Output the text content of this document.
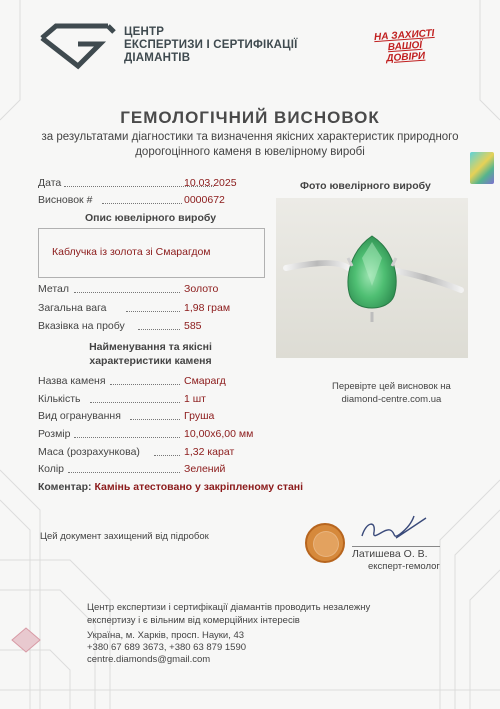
ЦЕНТР
ЕКСПЕРТИЗИ І СЕРТИФІКАЦІЇ
ДІАМАНТІВ
НА ЗАХИСТІ
ВАШОЇ
ДОВІРИ
ГЕМОЛОГІЧНИЙ ВИСНОВОК
за результатами діагностики та визначення якісних характеристик природного дорогоцінного каменя в ювелірному виробі
Дата	10.03.2025
Висновок #	0000672
Опис ювелірного виробу
Каблучка із золота зі Смарагдом
Метал	Золото
Загальна вага	1,98 грам
Вказівка на пробу	585
Найменування та якісні
характеристики каменя
Назва каменя	Смарагд
Кількість	1 шт
Вид огранування	Груша
Розмір	10,00х6,00 мм
Маса (розрахункова)	1,32 карат
Колір	Зелений
Коментар: Камінь атестовано у закріпленому стані
Фото ювелірного виробу
Перевірте цей висновок на
diamond-centre.com.ua
Цей документ захищений від підробок
Латишева О. В.
експерт-гемолог
Центр експертизи і сертифікації діамантів проводить незалежну
експертизу і є вільним від комерційних інтересів
Україна, м. Харків, просп. Науки, 43
+380 67 689 3673, +380 63 879 1590
centre.diamonds@gmail.com
